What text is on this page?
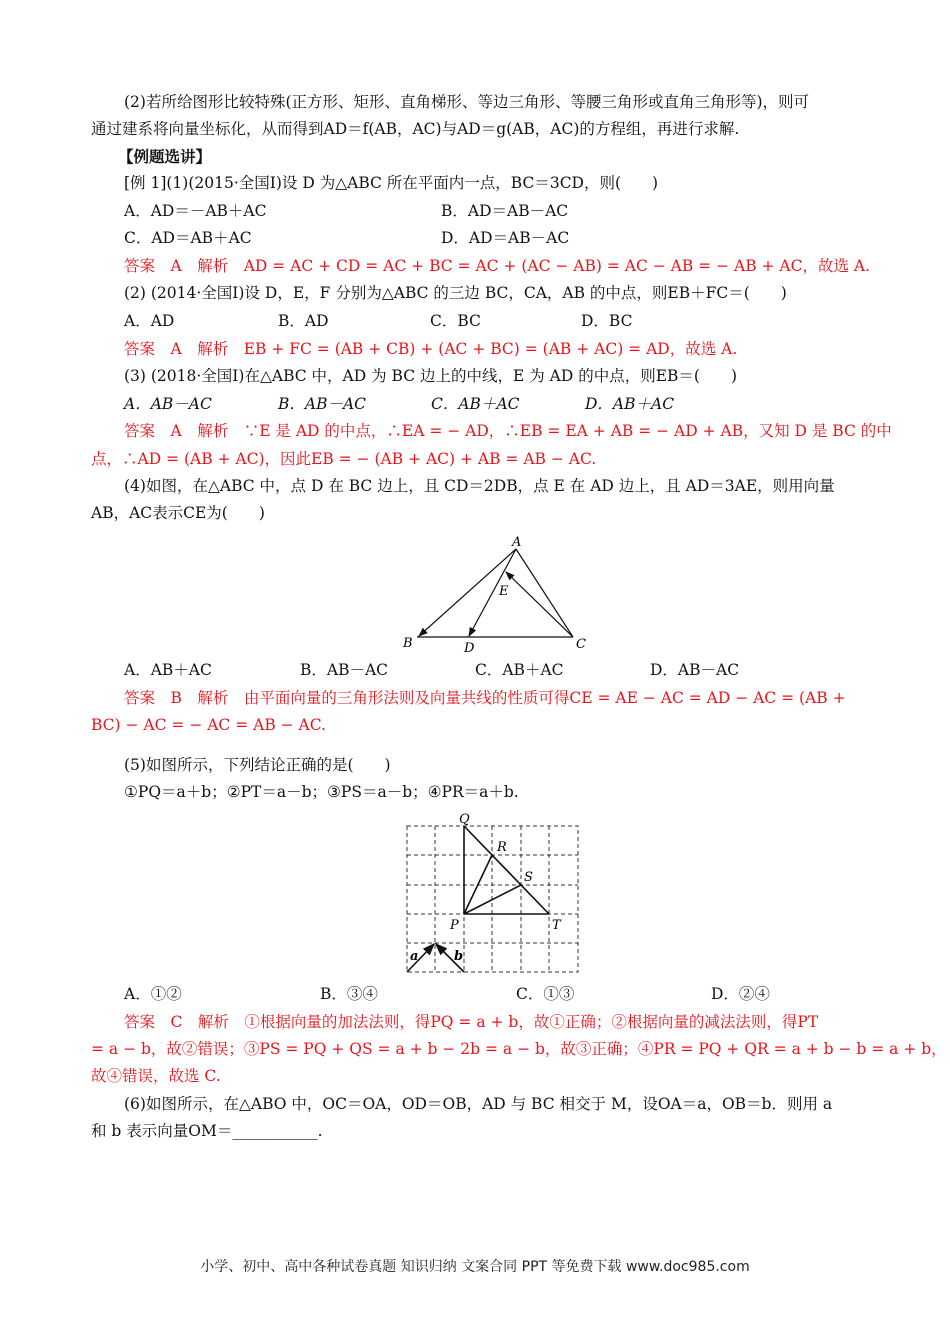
(2)若所给图形比较特殊(正方形、矩形、直角梯形、等边三角形、等腰三角形或直角三角形等)，则可
通过建系将向量坐标化，从而得到AD＝f(AB，AC)与AD＝g(AB，AC)的方程组，再进行求解.
【例题选讲】
[例 1](1)(2015·全国Ⅰ)设 D 为△ABC 所在平面内一点，BC＝3CD，则(　　)
A．AD＝－AB＋AC	B．AD＝AB－AC
C．AD＝AB＋AC	D．AD＝AB－AC
答案　A　解析　AD = AC + CD = AC + BC = AC + (AC − AB) = AC − AB = − AB + AC，故选 A.
(2) (2014·全国Ⅰ)设 D，E，F 分别为△ABC 的三边 BC，CA，AB 的中点，则EB＋FC＝(　　)
A．AD	B．AD	C．BC	D．BC
答案　A　解析　EB + FC = (AB + CB) + (AC + BC) = (AB + AC) = AD，故选 A.
(3) (2018·全国Ⅰ)在△ABC 中，AD 为 BC 边上的中线，E 为 AD 的中点，则EB＝(　　)
A．AB－AC	B．AB－AC	C．AB＋AC	D．AB＋AC
答案　A　解析　∵E 是 AD 的中点，∴EA = − AD，∴EB = EA + AB = − AD + AB，又知 D 是 BC 的中
点，∴AD = (AB + AC)，因此EB = − (AB + AC) + AB = AB − AC.
(4)如图，在△ABC 中，点 D 在 BC 边上，且 CD＝2DB，点 E 在 AD 边上，且 AD＝3AE，则用向量
AB，AC表示CE为(　　)
A
B	C
D
E
Q
R
S
P	T
a	b
A．AB＋AC	B．AB－AC	C．AB＋AC	D．AB－AC
答案　B　解析　由平面向量的三角形法则及向量共线的性质可得CE = AE − AC = AD − AC = (AB +
BC) − AC = − AC = AB − AC.
(5)如图所示，下列结论正确的是(　　)
①PQ＝a＋b；②PT＝a－b；③PS＝a－b；④PR＝a＋b.
A．①②	B．③④	C．①③	D．②④
答案　C　解析　①根据向量的加法法则，得PQ = a + b，故①正确；②根据向量的减法法则，得PT
= a − b，故②错误；③PS = PQ + QS = a + b − 2b = a − b，故③正确；④PR = PQ + QR = a + b − b = a + b，
故④错误，故选 C.
(6)如图所示，在△ABO 中，OC＝OA，OD＝OB，AD 与 BC 相交于 M，设OA＝a，OB＝b．则用 a
和 b 表示向量OM＝___________.
小学、初中、高中各种试卷真题 知识归纳 文案合同 PPT 等免费下载 www.doc985.com
